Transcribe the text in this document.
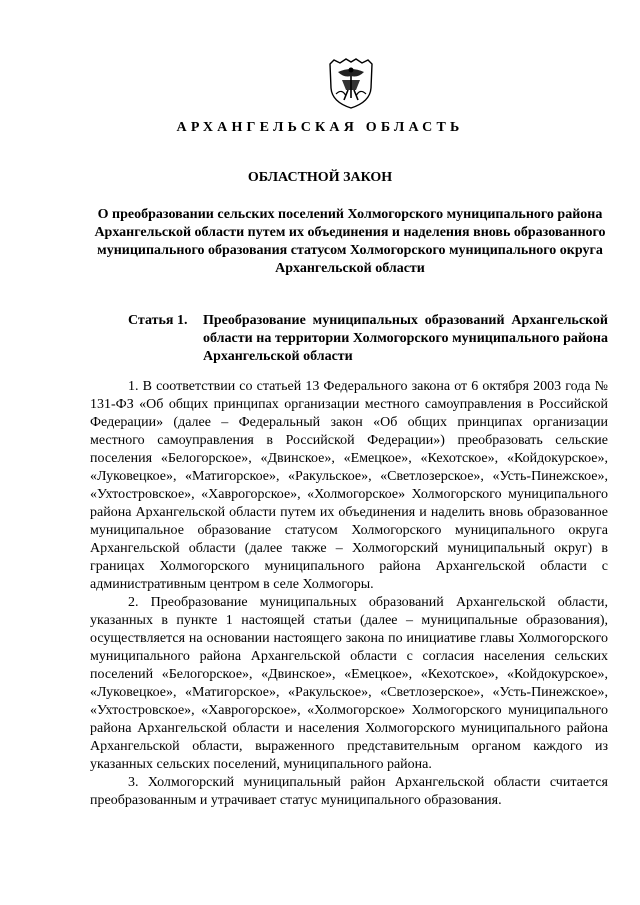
АРХАНГЕЛЬСКАЯ ОБЛАСТЬ
ОБЛАСТНОЙ ЗАКОН
О преобразовании сельских поселений Холмогорского муниципального района Архангельской области путем их объединения и наделения вновь образованного муниципального образования статусом Холмогорского муниципального округа Архангельской области
Статья 1. Преобразование муниципальных образований Архангельской области на территории Холмогорского муниципального района Архангельской области

1. В соответствии со статьей 13 Федерального закона от 6 октября 2003 года № 131-ФЗ «Об общих принципах организации местного самоуправления в Российской Федерации» (далее – Федеральный закон «Об общих принципах организации местного самоуправления в Российской Федерации») преобразовать сельские поселения «Белогорское», «Двинское», «Емецкое», «Кехотское», «Койдокурское», «Луковецкое», «Матигорское», «Ракульское», «Светлозерское», «Усть-Пинежское», «Ухтостровское», «Хаврогорское», «Холмогорское» Холмогорского муниципального района Архангельской области путем их объединения и наделить вновь образованное муниципальное образование статусом Холмогорского муниципального округа Архангельской области (далее также – Холмогорский муниципальный округ) в границах Холмогорского муниципального района Архангельской области с административным центром в селе Холмогоры.

2. Преобразование муниципальных образований Архангельской области, указанных в пункте 1 настоящей статьи (далее – муниципальные образования), осуществляется на основании настоящего закона по инициативе главы Холмогорского муниципального района Архангельской области с согласия населения сельских поселений «Белогорское», «Двинское», «Емецкое», «Кехотское», «Койдокурское», «Луковецкое», «Матигорское», «Ракульское», «Светлозерское», «Усть-Пинежское», «Ухтостровское», «Хаврогорское», «Холмогорское» Холмогорского муниципального района Архангельской области и населения Холмогорского муниципального района Архангельской области, выраженного представительным органом каждого из указанных сельских поселений, муниципального района.

3. Холмогорский муниципальный район Архангельской области считается преобразованным и утрачивает статус муниципального образования.
